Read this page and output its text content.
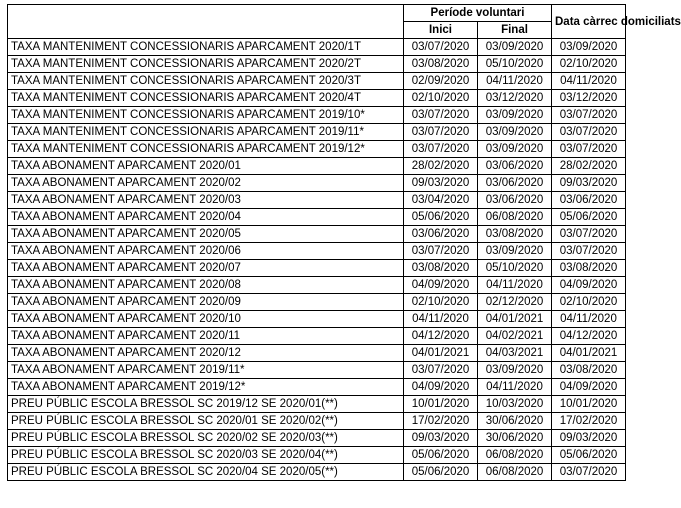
	Període voluntari		Data càrrec domiciliats
	Inici	Final	
TAXA MANTENIMENT CONCESSIONARIS APARCAMENT 2020/1T	03/07/2020	03/09/2020	03/09/2020
TAXA MANTENIMENT CONCESSIONARIS APARCAMENT 2020/2T	03/08/2020	05/10/2020	02/10/2020
TAXA MANTENIMENT CONCESSIONARIS APARCAMENT 2020/3T	02/09/2020	04/11/2020	04/11/2020
TAXA MANTENIMENT CONCESSIONARIS APARCAMENT 2020/4T	02/10/2020	03/12/2020	03/12/2020
TAXA MANTENIMENT CONCESSIONARIS APARCAMENT 2019/10*	03/07/2020	03/09/2020	03/07/2020
TAXA MANTENIMENT CONCESSIONARIS APARCAMENT 2019/11*	03/07/2020	03/09/2020	03/07/2020
TAXA MANTENIMENT CONCESSIONARIS APARCAMENT 2019/12*	03/07/2020	03/09/2020	03/07/2020
TAXA ABONAMENT APARCAMENT 2020/01	28/02/2020	03/06/2020	28/02/2020
TAXA ABONAMENT APARCAMENT 2020/02	09/03/2020	03/06/2020	09/03/2020
TAXA ABONAMENT APARCAMENT 2020/03	03/04/2020	03/06/2020	03/06/2020
TAXA ABONAMENT APARCAMENT 2020/04	05/06/2020	06/08/2020	05/06/2020
TAXA ABONAMENT APARCAMENT 2020/05	03/06/2020	03/08/2020	03/07/2020
TAXA ABONAMENT APARCAMENT 2020/06	03/07/2020	03/09/2020	03/07/2020
TAXA ABONAMENT APARCAMENT 2020/07	03/08/2020	05/10/2020	03/08/2020
TAXA ABONAMENT APARCAMENT 2020/08	04/09/2020	04/11/2020	04/09/2020
TAXA ABONAMENT APARCAMENT 2020/09	02/10/2020	02/12/2020	02/10/2020
TAXA ABONAMENT APARCAMENT 2020/10	04/11/2020	04/01/2021	04/11/2020
TAXA ABONAMENT APARCAMENT 2020/11	04/12/2020	04/02/2021	04/12/2020
TAXA ABONAMENT APARCAMENT 2020/12	04/01/2021	04/03/2021	04/01/2021
TAXA ABONAMENT APARCAMENT 2019/11*	03/07/2020	03/09/2020	03/08/2020
TAXA ABONAMENT APARCAMENT 2019/12*	04/09/2020	04/11/2020	04/09/2020
PREU PÚBLIC ESCOLA BRESSOL SC 2019/12 SE 2020/01(**)	10/01/2020	10/03/2020	10/01/2020
PREU PÚBLIC ESCOLA BRESSOL SC 2020/01 SE 2020/02(**)	17/02/2020	30/06/2020	17/02/2020
PREU PÚBLIC ESCOLA BRESSOL SC 2020/02 SE 2020/03(**)	09/03/2020	30/06/2020	09/03/2020
PREU PÚBLIC ESCOLA BRESSOL SC 2020/03 SE 2020/04(**)	05/06/2020	06/08/2020	05/06/2020
PREU PÚBLIC ESCOLA BRESSOL SC 2020/04 SE 2020/05(**)	05/06/2020	06/08/2020	03/07/2020
